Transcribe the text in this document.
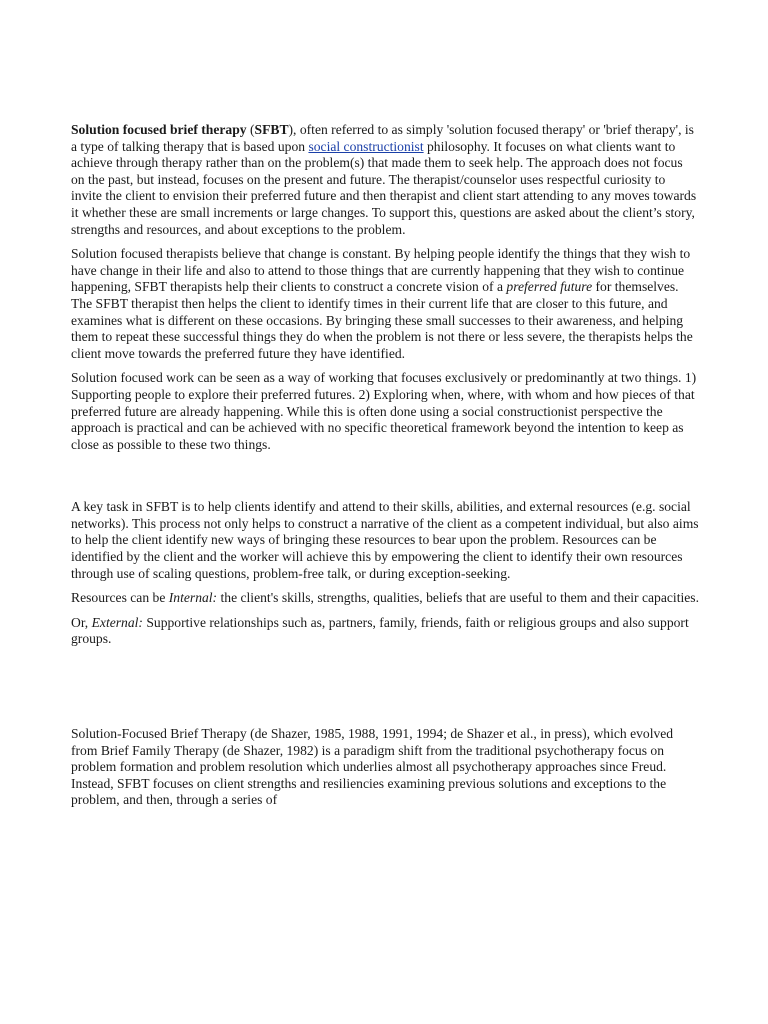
Solution focused brief therapy (SFBT), often referred to as simply 'solution focused therapy' or 'brief therapy', is a type of talking therapy that is based upon social constructionist philosophy. It focuses on what clients want to achieve through therapy rather than on the problem(s) that made them to seek help. The approach does not focus on the past, but instead, focuses on the present and future. The therapist/counselor uses respectful curiosity to invite the client to envision their preferred future and then therapist and client start attending to any moves towards it whether these are small increments or large changes. To support this, questions are asked about the client’s story, strengths and resources, and about exceptions to the problem.

Solution focused therapists believe that change is constant. By helping people identify the things that they wish to have change in their life and also to attend to those things that are currently happening that they wish to continue happening, SFBT therapists help their clients to construct a concrete vision of a preferred future for themselves. The SFBT therapist then helps the client to identify times in their current life that are closer to this future, and examines what is different on these occasions. By bringing these small successes to their awareness, and helping them to repeat these successful things they do when the problem is not there or less severe, the therapists helps the client move towards the preferred future they have identified.

Solution focused work can be seen as a way of working that focuses exclusively or predominantly at two things. 1) Supporting people to explore their preferred futures. 2) Exploring when, where, with whom and how pieces of that preferred future are already happening. While this is often done using a social constructionist perspective the approach is practical and can be achieved with no specific theoretical framework beyond the intention to keep as close as possible to these two things.

A key task in SFBT is to help clients identify and attend to their skills, abilities, and external resources (e.g. social networks). This process not only helps to construct a narrative of the client as a competent individual, but also aims to help the client identify new ways of bringing these resources to bear upon the problem. Resources can be identified by the client and the worker will achieve this by empowering the client to identify their own resources through use of scaling questions, problem-free talk, or during exception-seeking.

Resources can be Internal: the client's skills, strengths, qualities, beliefs that are useful to them and their capacities.

Or, External: Supportive relationships such as, partners, family, friends, faith or religious groups and also support groups.

Solution-Focused Brief Therapy (de Shazer, 1985, 1988, 1991, 1994; de Shazer et al., in press), which evolved from Brief Family Therapy (de Shazer, 1982) is a paradigm shift from the traditional psychotherapy focus on problem formation and problem resolution which underlies almost all psychotherapy approaches since Freud. Instead, SFBT focuses on client strengths and resiliencies examining previous solutions and exceptions to the problem, and then, through a series of
